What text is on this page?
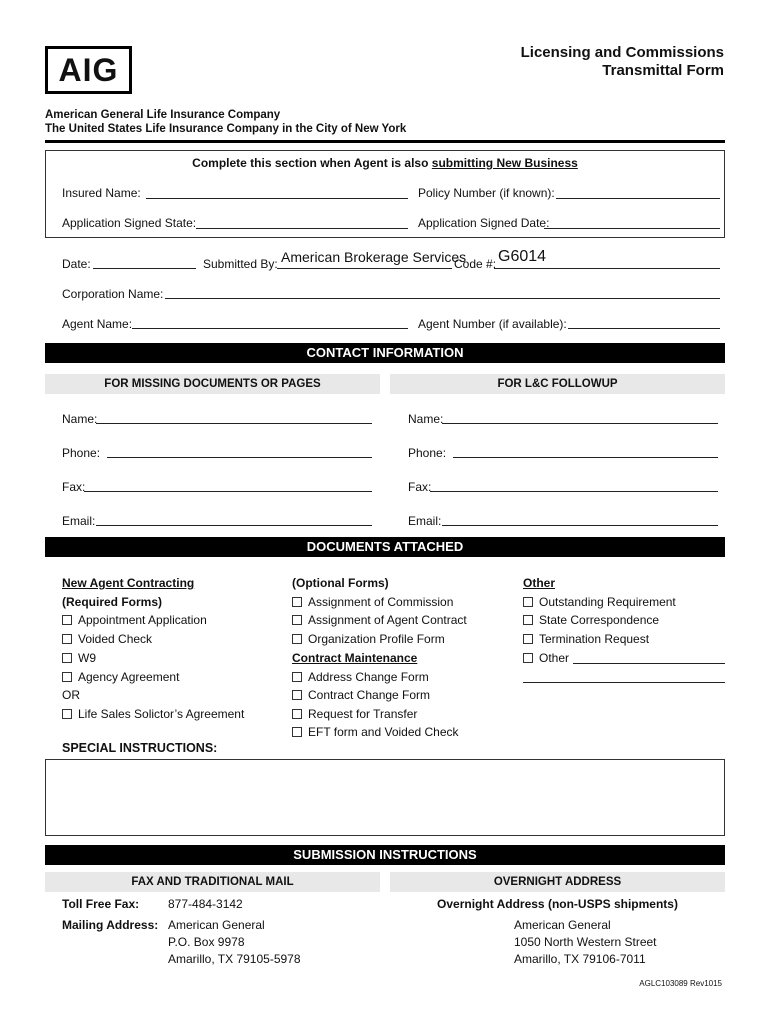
AIG	Licensing and Commissions
Transmittal Form
American General Life Insurance Company
The United States Life Insurance Company in the City of New York
Complete this section when Agent is also submitting New Business
Insured Name:	Policy Number (if known):
Application Signed State:	Application Signed Date:
Date:	Submitted By: American Brokerage Services
Code #: G6014
Corporation Name:
Agent Name:	Agent Number (if available):
CONTACT INFORMATION
FOR MISSING DOCUMENTS OR PAGES	FOR L&C FOLLOWUP
Name:	Name:
Phone:	Phone:
Fax:	Fax:
Email:	Email:
DOCUMENTS ATTACHED
New Agent Contracting
(Required Forms)
Appointment Application
Voided Check
W9
Agency Agreement
OR
Life Sales Solictor’s Agreement
(Optional Forms)
Assignment of Commission
Assignment of Agent Contract
Organization Profile Form
Contract Maintenance
Address Change Form
Contract Change Form
Request for Transfer
EFT form and Voided Check
Other
Outstanding Requirement
State Correspondence
Termination Request
Other
SPECIAL INSTRUCTIONS:
SUBMISSION INSTRUCTIONS
FAX AND TRADITIONAL MAIL	OVERNIGHT ADDRESS
Toll Free Fax: 877-484-3142
Mailing Address: American General
P.O. Box 9978
Amarillo, TX 79105-5978
Overnight Address (non-USPS shipments)
American General
1050 North Western Street
Amarillo, TX 79106-7011
AGLC103089 Rev1015
